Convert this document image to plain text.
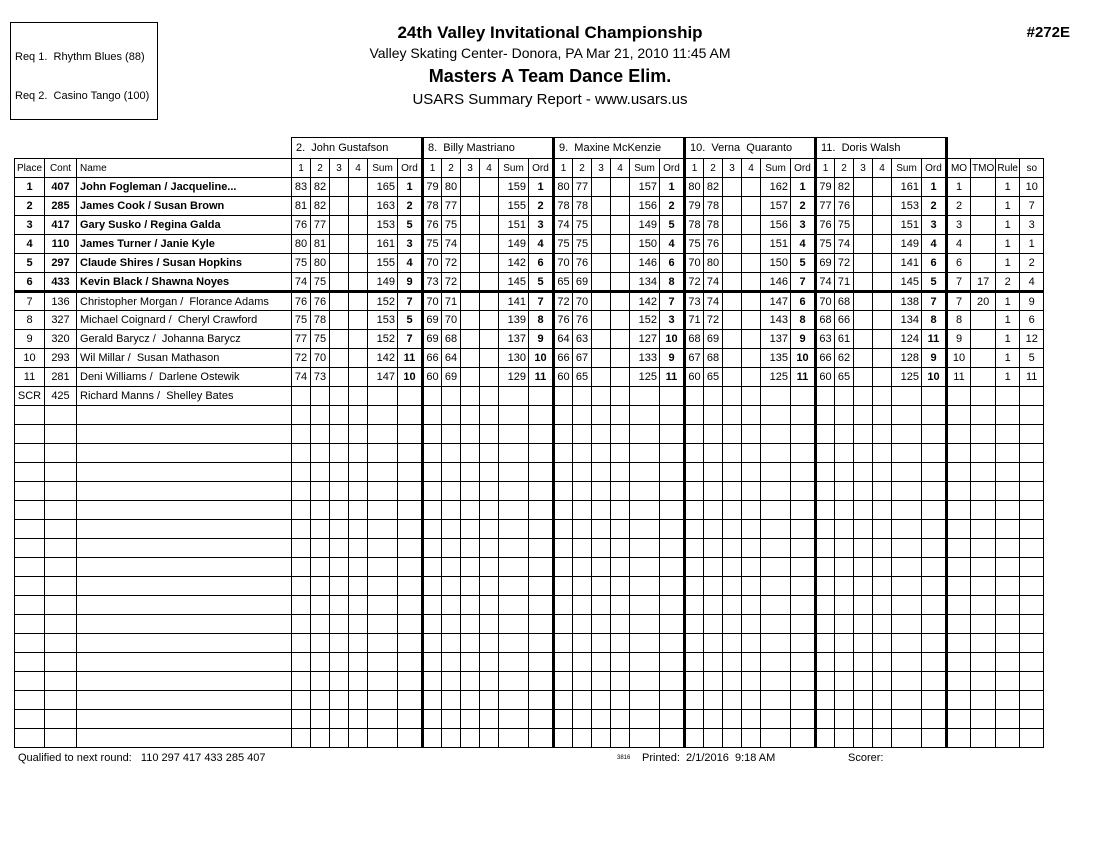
Req 1.  Rhythm Blues (88)

Req 2.  Casino Tango (100)

24th Valley Invitational Championship
Valley Skating Center- Donora, PA Mar 21, 2010 11:45 AM
Masters A Team Dance Elim.
USARS Summary Report - www.usars.us
#272E
			2.  John Gustafson						8.  Billy Mastriano						9.  Maxine McKenzie						10.  Verna  Quaranto						11.  Doris Walsh									
Place	Cont	Name	1	2	3	4	Sum	Ord	1	2	3	4	Sum	Ord	1	2	3	4	Sum	Ord	1	2	3	4	Sum	Ord	1	2	3	4	Sum	Ord	MO	TMO	Rule	so
1	407	John Fogleman / Jacqueline...	83	82			165	1	79	80			159	1	80	77			157	1	80	82			162	1	79	82			161	1	1		1	10
2	285	James Cook / Susan Brown	81	82			163	2	78	77			155	2	78	78			156	2	79	78			157	2	77	76			153	2	2		1	7
3	417	Gary Susko / Regina Galda	76	77			153	5	76	75			151	3	74	75			149	5	78	78			156	3	76	75			151	3	3		1	3
4	110	James Turner / Janie Kyle	80	81			161	3	75	74			149	4	75	75			150	4	75	76			151	4	75	74			149	4	4		1	1
5	297	Claude Shires / Susan Hopkins	75	80			155	4	70	72			142	6	70	76			146	6	70	80			150	5	69	72			141	6	6		1	2
6	433	Kevin Black / Shawna Noyes	74	75			149	9	73	72			145	5	65	69			134	8	72	74			146	7	74	71			145	5	7	17	2	4
7	136	Christopher Morgan /  Florance Adams	76	76			152	7	70	71			141	7	72	70			142	7	73	74			147	6	70	68			138	7	7	20	1	9
8	327	Michael Coignard /  Cheryl Crawford	75	78			153	5	69	70			139	8	76	76			152	3	71	72			143	8	68	66			134	8	8		1	6
9	320	Gerald Barycz /  Johanna Barycz	77	75			152	7	69	68			137	9	64	63			127	10	68	69			137	9	63	61			124	11	9		1	12
10	293	Wil Millar /  Susan Mathason	72	70			142	11	66	64			130	10	66	67			133	9	67	68			135	10	66	62			128	9	10		1	5
11	281	Deni Williams /  Darlene Ostewik	74	73			147	10	60	69			129	11	60	65			125	11	60	65			125	11	60	65			125	10	11		1	11
SCR	425	Richard Manns /  Shelley Bates																																		

Qualified to next round:   110 297 417 433 285 407	3816 Printed:  2/1/2016  9:18 AM	Scorer:
